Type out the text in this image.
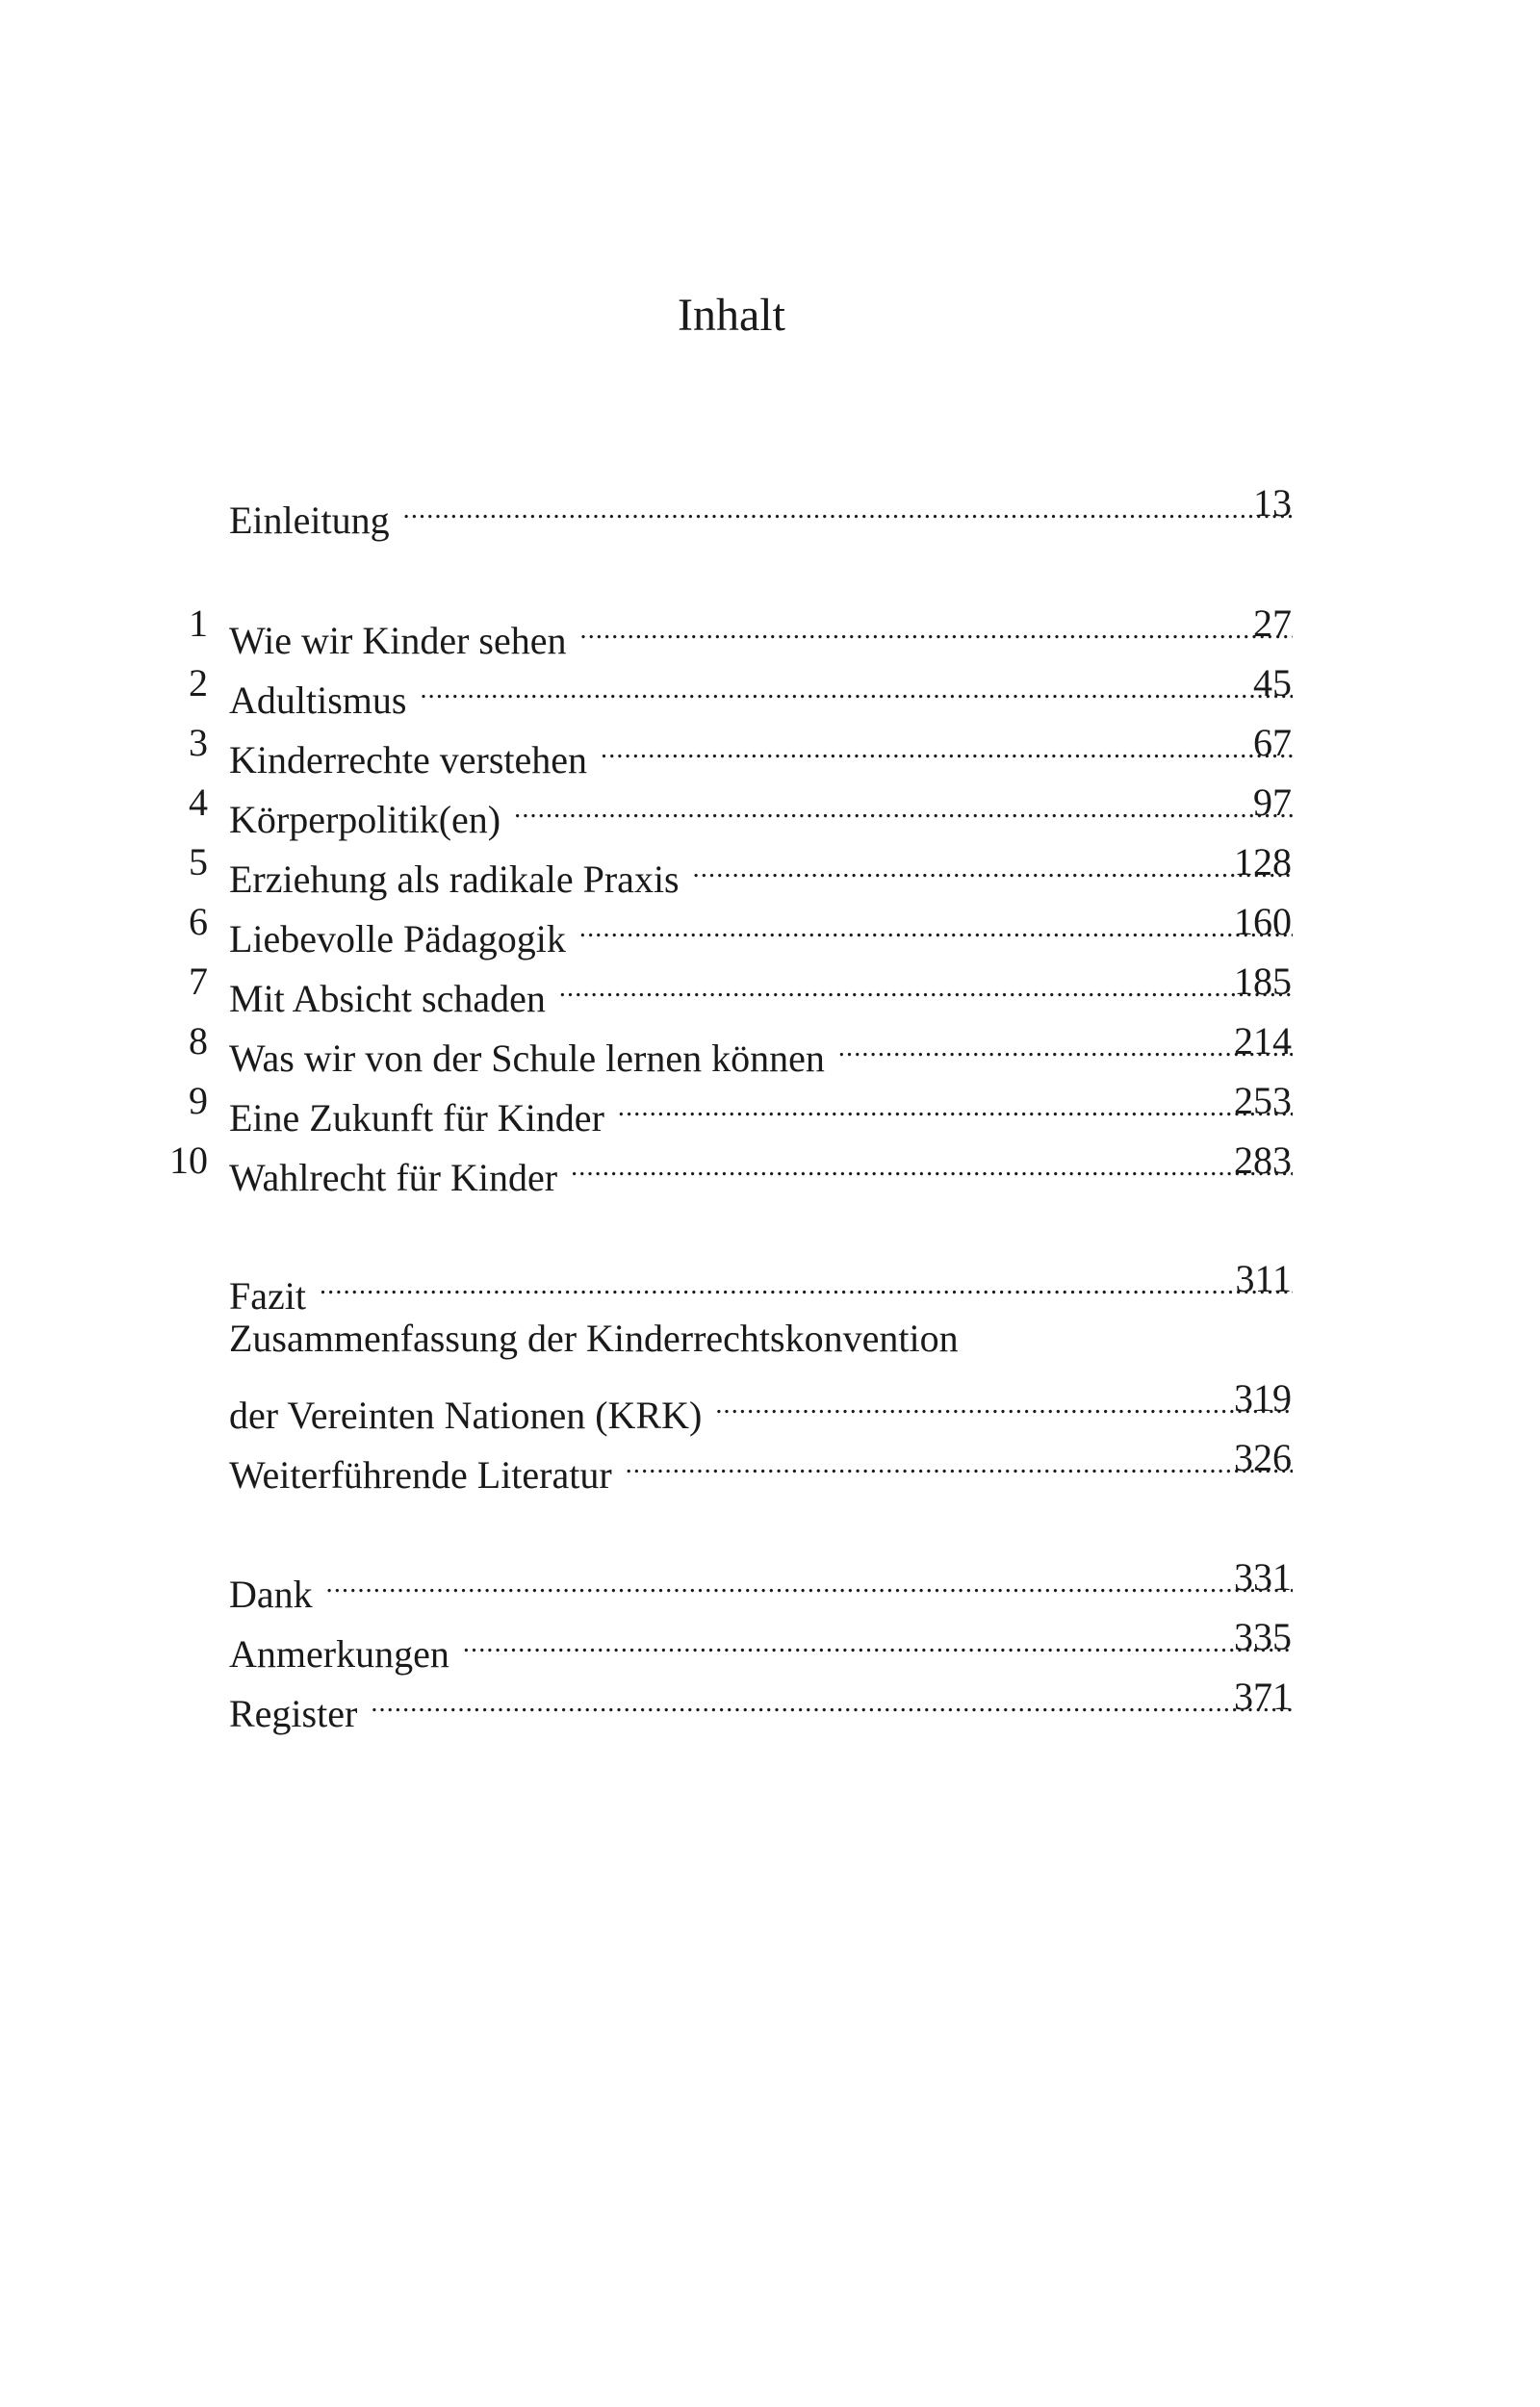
Inhalt
Einleitung .....	13
1 Wie wir Kinder sehen .....	27
2 Adultismus .....	45
3 Kinderrechte verstehen .....	67
4 Körperpolitik(en) .....	97
5 Erziehung als radikale Praxis .....	128
6 Liebevolle Pädagogik .....	160
7 Mit Absicht schaden .....	185
8 Was wir von der Schule lernen können .....	214
9 Eine Zukunft für Kinder .....	253
10 Wahlrecht für Kinder .....	283
Fazit .....	311
Zusammenfassung der Kinderrechtskonvention
der Vereinten Nationen (KRK) .....	319
Weiterführende Literatur .....	326
Dank .....	331
Anmerkungen .....	335
Register .....	371
